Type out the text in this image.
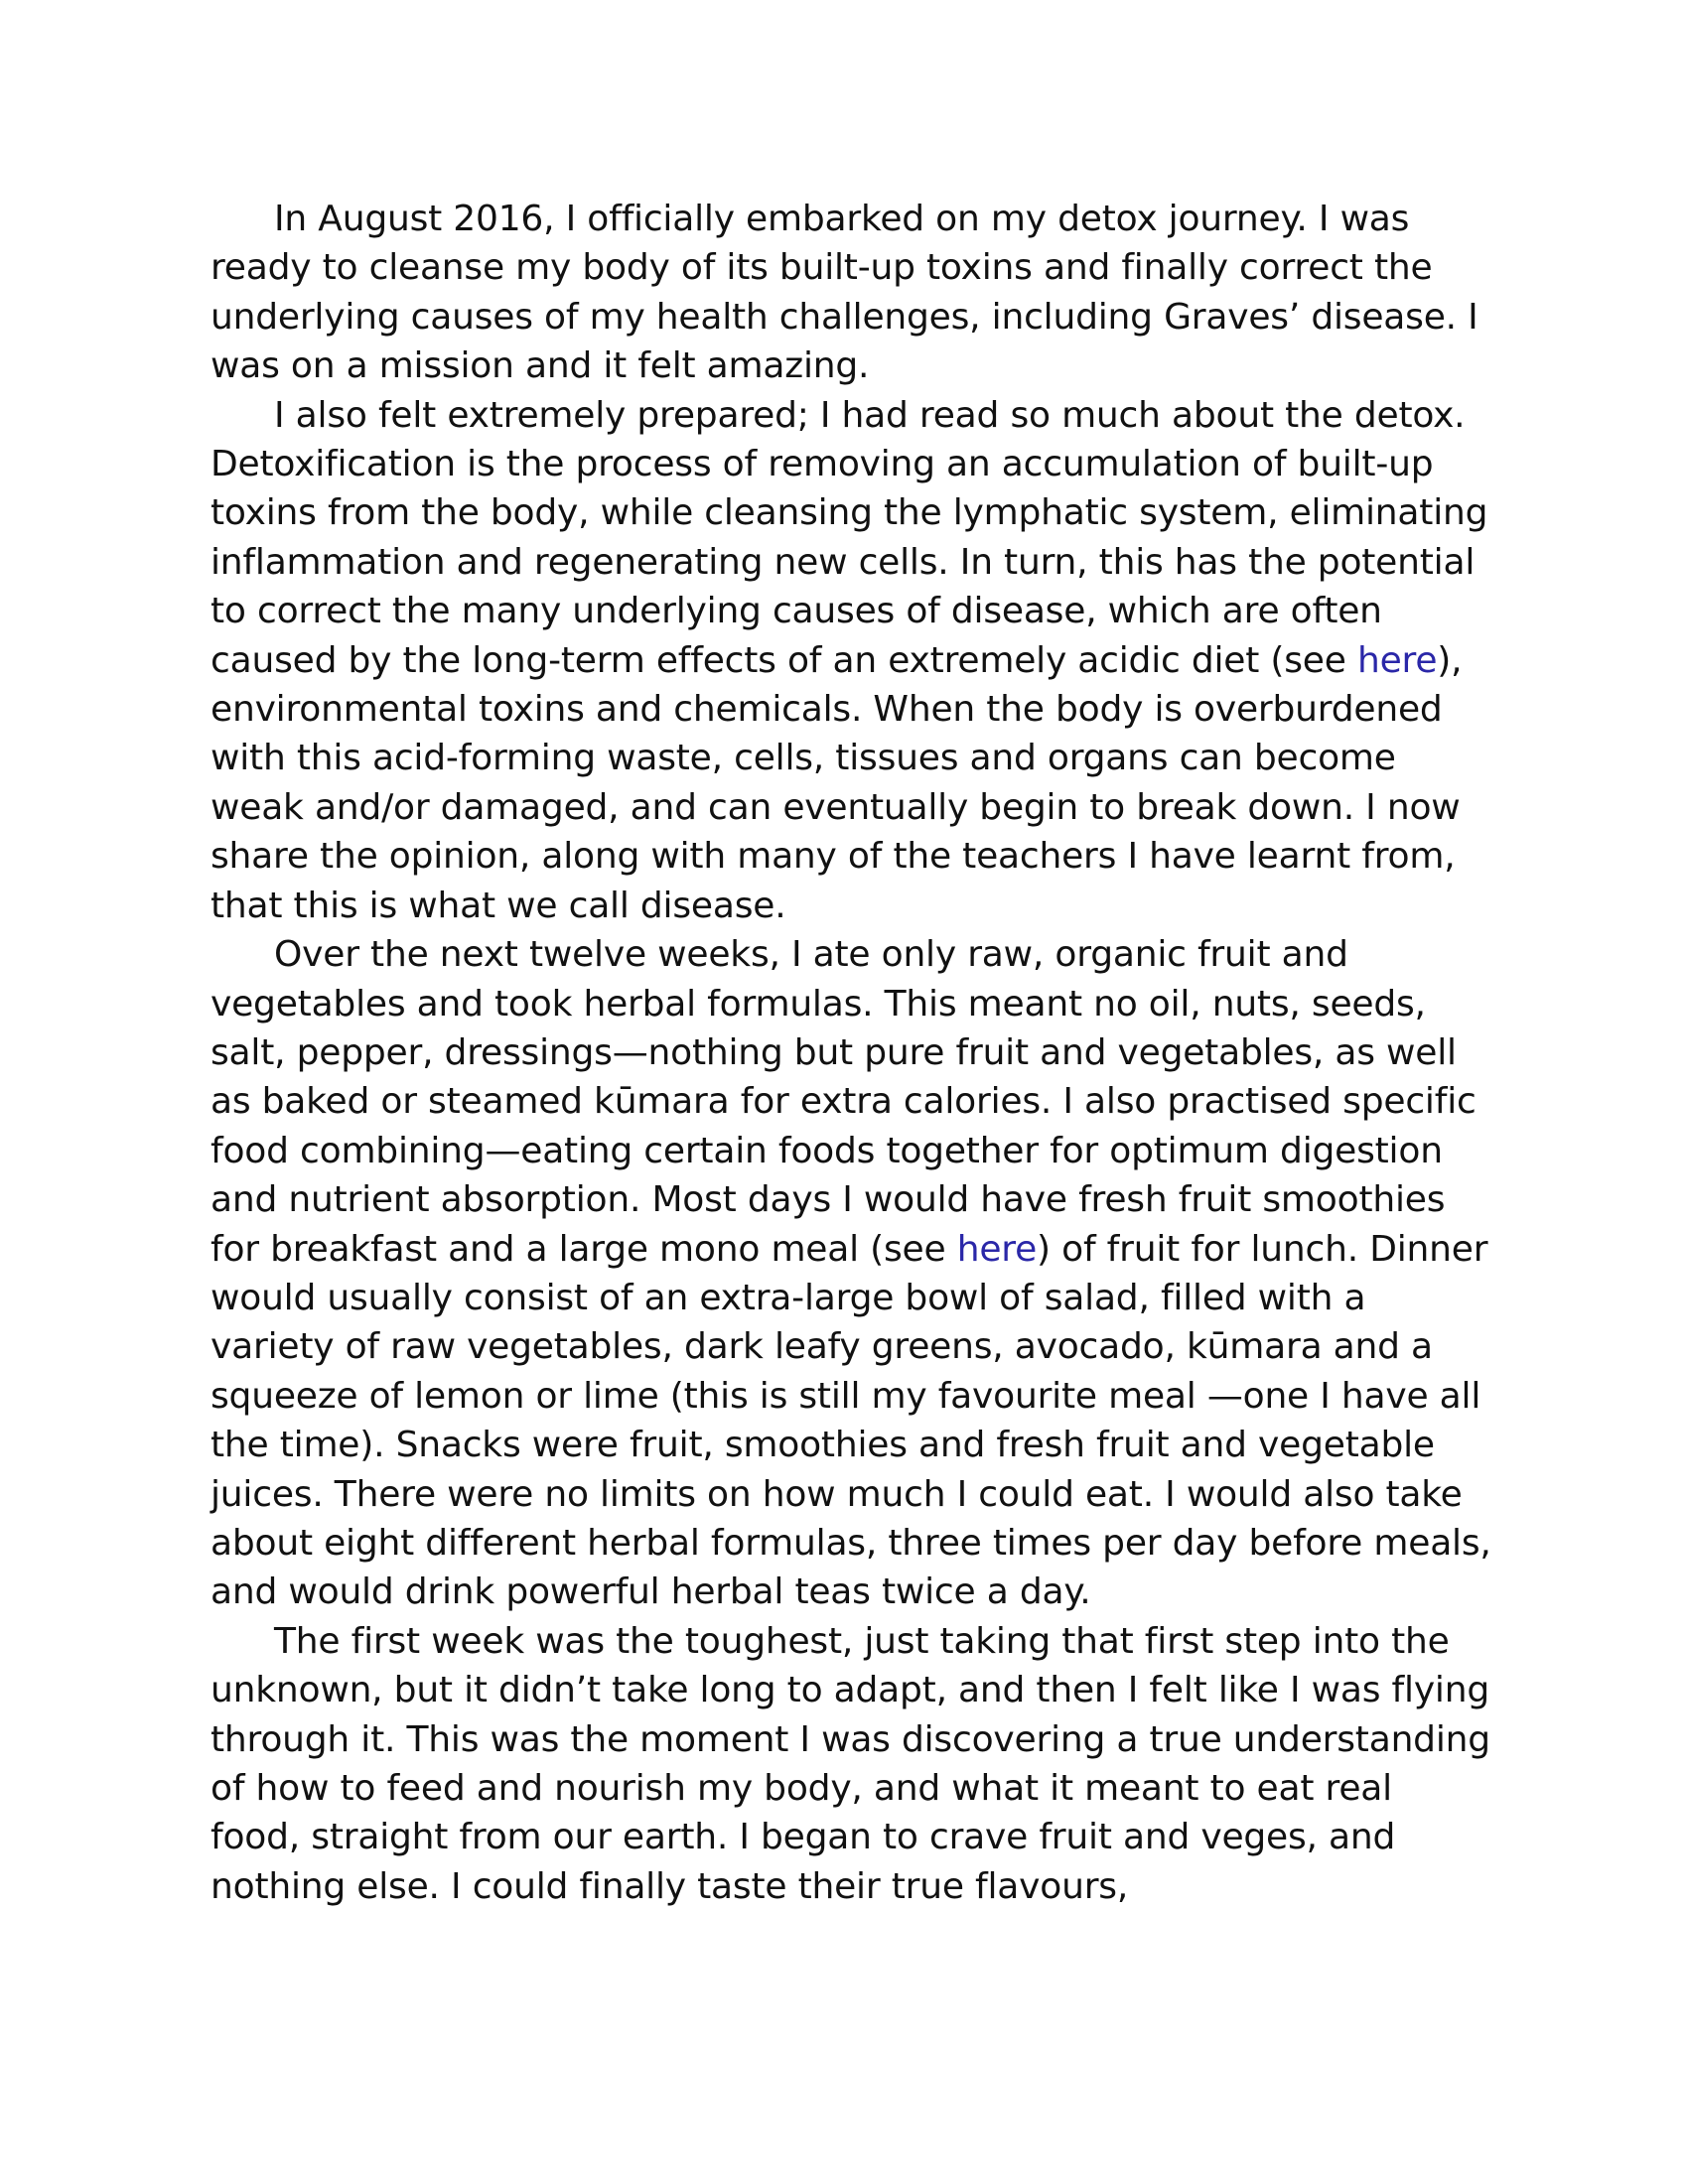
In August 2016, I officially embarked on my detox journey. I was ready to cleanse my body of its built-up toxins and finally correct the underlying causes of my health challenges, including Graves’ disease. I was on a mission and it felt amazing.

I also felt extremely prepared; I had read so much about the detox. Detoxification is the process of removing an accumulation of built-up toxins from the body, while cleansing the lymphatic system, eliminating inflammation and regenerating new cells. In turn, this has the potential to correct the many underlying causes of disease, which are often caused by the long-term effects of an extremely acidic diet (see here), environmental toxins and chemicals. When the body is overburdened with this acid-forming waste, cells, tissues and organs can become weak and/or damaged, and can eventually begin to break down. I now share the opinion, along with many of the teachers I have learnt from, that this is what we call disease.

Over the next twelve weeks, I ate only raw, organic fruit and vegetables and took herbal formulas. This meant no oil, nuts, seeds, salt, pepper, dressings—nothing but pure fruit and vegetables, as well as baked or steamed kūmara for extra calories. I also practised specific food combining—eating certain foods together for optimum digestion and nutrient absorption. Most days I would have fresh fruit smoothies for breakfast and a large mono meal (see here) of fruit for lunch. Dinner would usually consist of an extra-large bowl of salad, filled with a variety of raw vegetables, dark leafy greens, avocado, kūmara and a squeeze of lemon or lime (this is still my favourite meal —one I have all the time). Snacks were fruit, smoothies and fresh fruit and vegetable juices. There were no limits on how much I could eat. I would also take about eight different herbal formulas, three times per day before meals, and would drink powerful herbal teas twice a day.

The first week was the toughest, just taking that first step into the unknown, but it didn’t take long to adapt, and then I felt like I was flying through it. This was the moment I was discovering a true understanding of how to feed and nourish my body, and what it meant to eat real food, straight from our earth. I began to crave fruit and veges, and nothing else. I could finally taste their true flavours,
